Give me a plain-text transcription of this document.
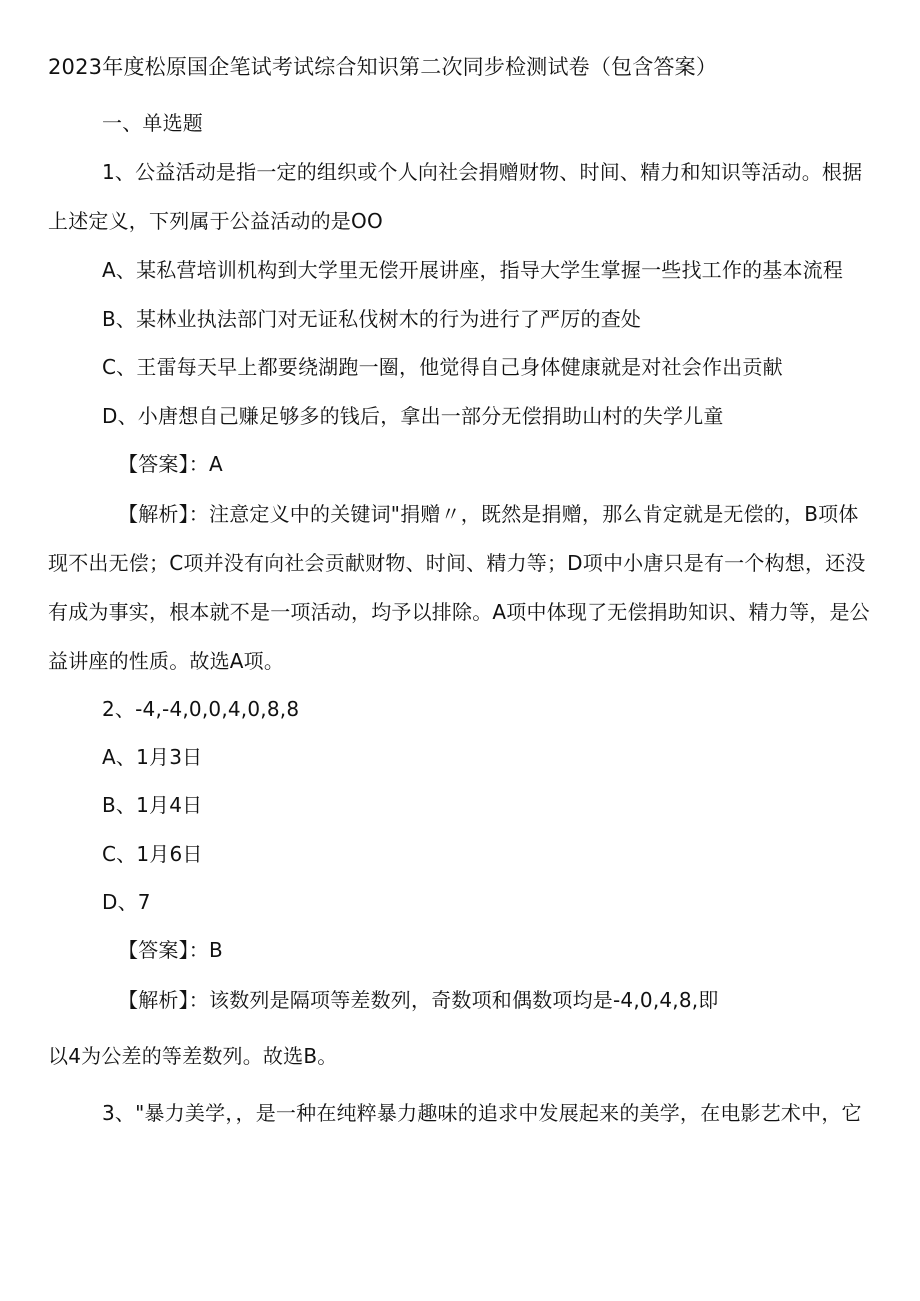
2023年度松原国企笔试考试综合知识第二次同步检测试卷（包含答案）
一、单选题
1、公益活动是指一定的组织或个人向社会捐赠财物、时间、精力和知识等活动。根据
上述定义，下列属于公益活动的是OO
A、某私营培训机构到大学里无偿开展讲座，指导大学生掌握一些找工作的基本流程
B、某林业执法部门对无证私伐树木的行为进行了严厉的查处
C、王雷每天早上都要绕湖跑一圈，他觉得自己身体健康就是对社会作出贡献
D、小唐想自己赚足够多的钱后，拿出一部分无偿捐助山村的失学儿童
【答案】：A
【解析】：注意定义中的关键词"捐赠〃，既然是捐赠，那么肯定就是无偿的，B项体
现不出无偿；C项并没有向社会贡献财物、时间、精力等；D项中小唐只是有一个构想，还没
有成为事实，根本就不是一项活动，均予以排除。A项中体现了无偿捐助知识、精力等，是公
益讲座的性质。故选A项。
2、-4,-4,0,0,4,0,8,8
A、1月3日
B、1月4日
C、1月6日
D、7
【答案】：B
【解析】：该数列是隔项等差数列，奇数项和偶数项均是-4,0,4,8,即
以4为公差的等差数列。故选B。
3、"暴力美学，，是一种在纯粹暴力趣味的追求中发展起来的美学，在电影艺术中，它
